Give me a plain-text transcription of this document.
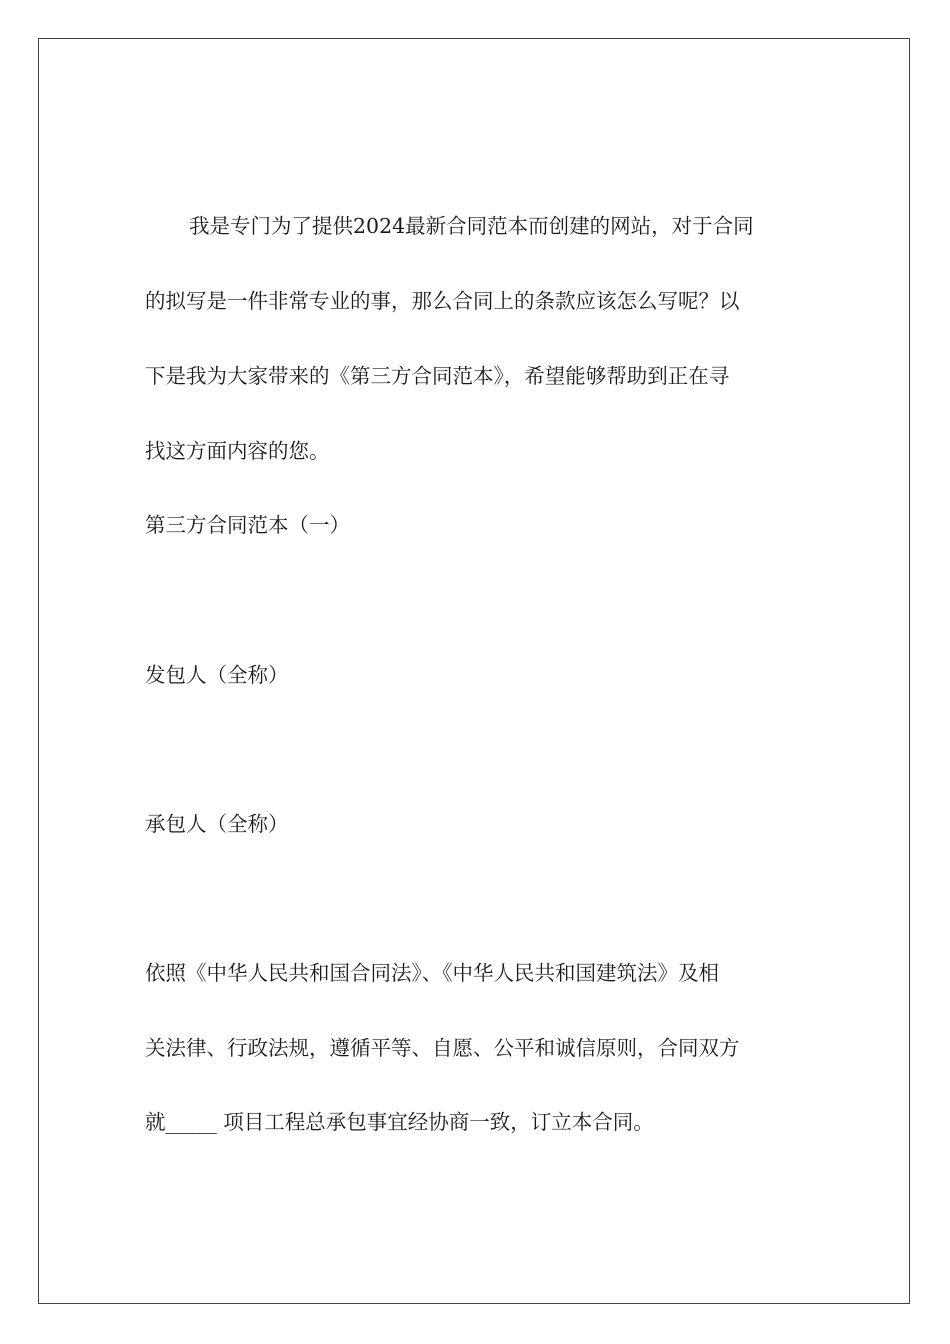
我是专门为了提供2024最新合同范本而创建的网站，对于合同
的拟写是一件非常专业的事，那么合同上的条款应该怎么写呢？以
下是我为大家带来的《第三方合同范本》，希望能够帮助到正在寻
找这方面内容的您。
第三方合同范本（一）
发包人（全称）
承包人（全称）
依照《中华人民共和国合同法》、《中华人民共和国建筑法》及相
关法律、行政法规，遵循平等、自愿、公平和诚信原则，合同双方
就_____ 项目工程总承包事宜经协商一致，订立本合同。
